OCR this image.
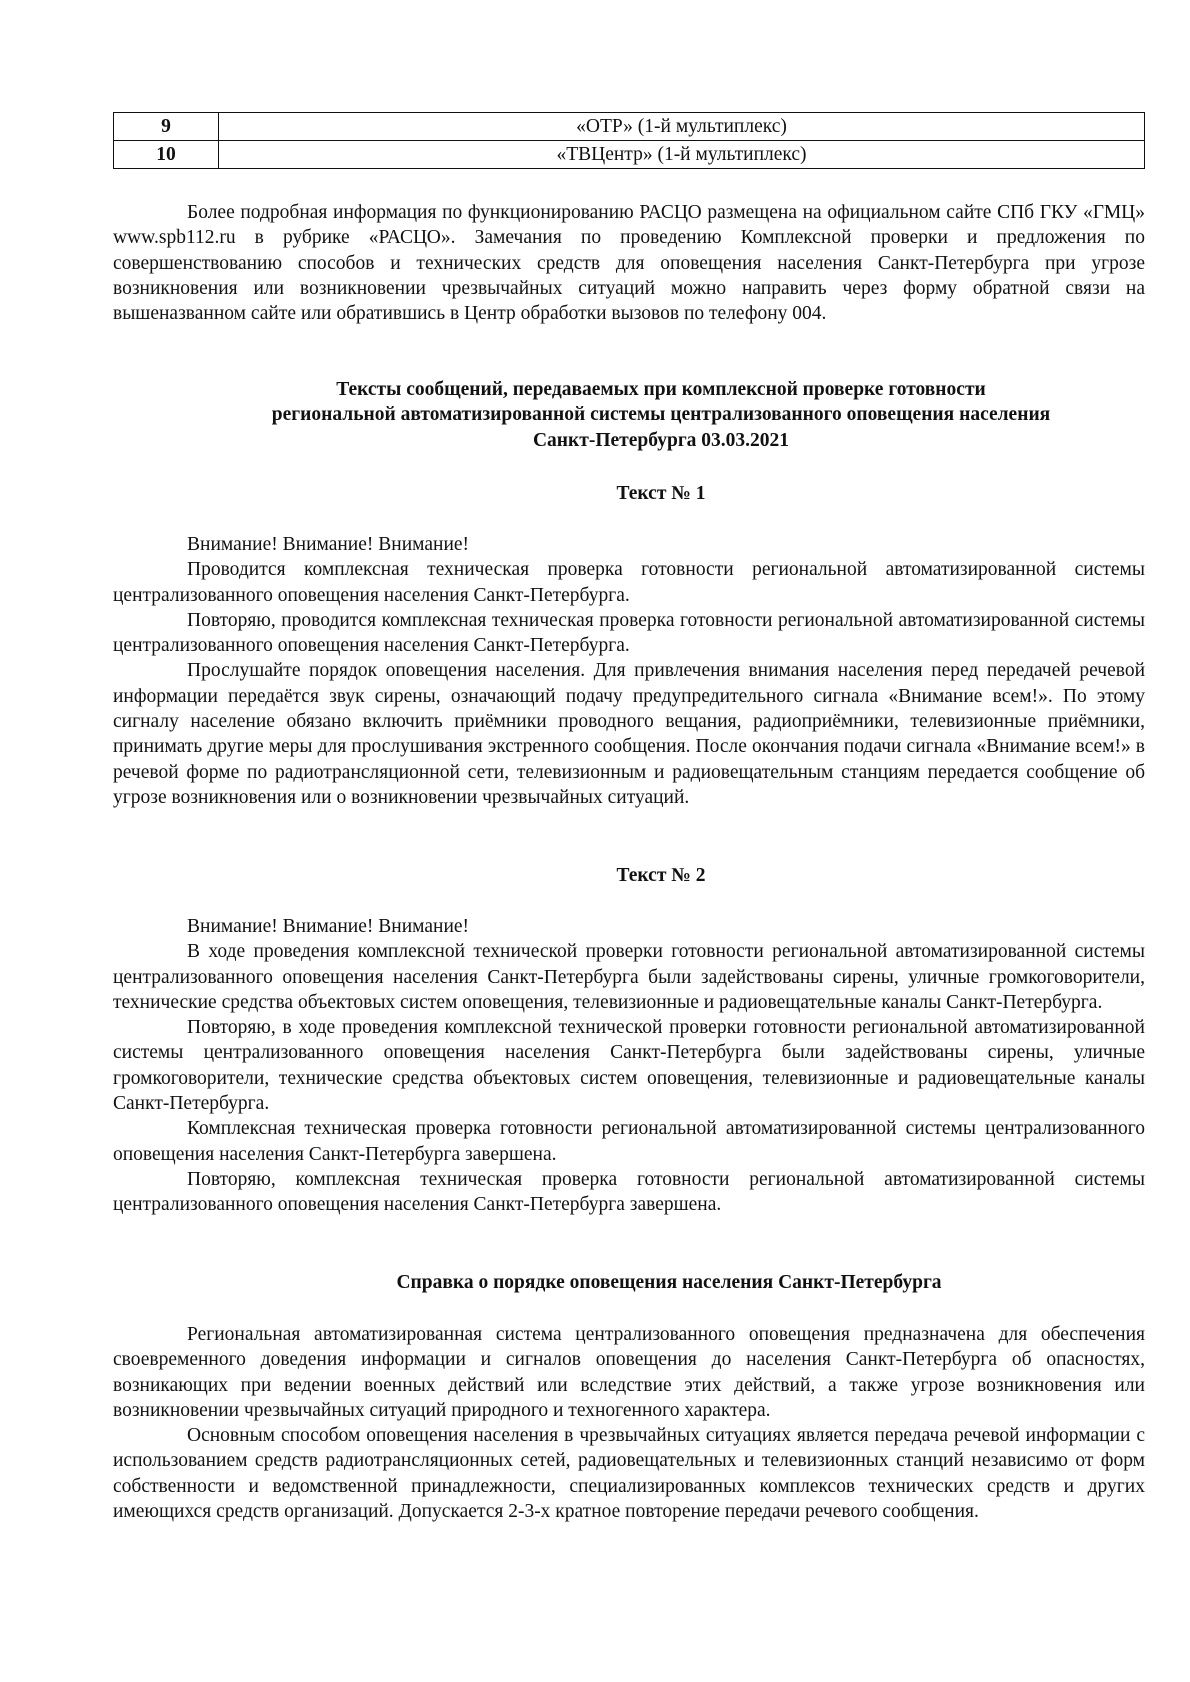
9	«ОТР» (1-й мультиплекс)
10	«ТВЦентр» (1-й мультиплекс)

Более подробная информация по функционированию РАСЦО размещена на официальном сайте СПб ГКУ «ГМЦ» www.spb112.ru в рубрике «РАСЦО». Замечания по проведению Комплексной проверки и предложения по совершенствованию способов и технических средств для оповещения населения Санкт-Петербурга при угрозе возникновения или возникновении чрезвычайных ситуаций можно направить через форму обратной связи на вышеназванном сайте или обратившись в Центр обработки вызовов по телефону 004.

Тексты сообщений, передаваемых при комплексной проверке готовности

региональной автоматизированной системы централизованного оповещения населения

Санкт-Петербурга 03.03.2021

Текст № 1

Внимание! Внимание! Внимание!

Проводится комплексная техническая проверка готовности региональной автоматизированной системы централизованного оповещения населения Санкт-Петербурга.

Повторяю, проводится комплексная техническая проверка готовности региональной автоматизированной системы централизованного оповещения населения Санкт-Петербурга.

Прослушайте порядок оповещения населения. Для привлечения внимания населения перед передачей речевой информации передаётся звук сирены, означающий подачу предупредительного сигнала «Внимание всем!». По этому сигналу население обязано включить приёмники проводного вещания, радиоприёмники, телевизионные приёмники, принимать другие меры для прослушивания экстренного сообщения. После окончания подачи сигнала «Внимание всем!» в речевой форме по радиотрансляционной сети, телевизионным и радиовещательным станциям передается сообщение об угрозе возникновения или о возникновении чрезвычайных ситуаций.

Текст № 2

Внимание! Внимание! Внимание!

В ходе проведения комплексной технической проверки готовности региональной автоматизированной системы централизованного оповещения населения Санкт-Петербурга были задействованы сирены, уличные громкоговорители, технические средства объектовых систем оповещения, телевизионные и радиовещательные каналы Санкт-Петербурга.

Повторяю, в ходе проведения комплексной технической проверки готовности региональной автоматизированной системы централизованного оповещения населения Санкт-Петербурга были задействованы сирены, уличные громкоговорители, технические средства объектовых систем оповещения, телевизионные и радиовещательные каналы Санкт-Петербурга.

Комплексная техническая проверка готовности региональной автоматизированной системы централизованного оповещения населения Санкт-Петербурга завершена.

Повторяю, комплексная техническая проверка готовности региональной автоматизированной системы централизованного оповещения населения Санкт-Петербурга завершена.

Справка о порядке оповещения населения Санкт-Петербурга

Региональная автоматизированная система централизованного оповещения предназначена для обеспечения своевременного доведения информации и сигналов оповещения до населения Санкт-Петербурга об опасностях, возникающих при ведении военных действий или вследствие этих действий, а также угрозе возникновения или возникновении чрезвычайных ситуаций природного и техногенного характера.

Основным способом оповещения населения в чрезвычайных ситуациях является передача речевой информации с использованием средств радиотрансляционных сетей, радиовещательных и телевизионных станций независимо от форм собственности и ведомственной принадлежности, специализированных комплексов технических средств и других имеющихся средств организаций. Допускается 2-3-х кратное повторение передачи речевого сообщения.
